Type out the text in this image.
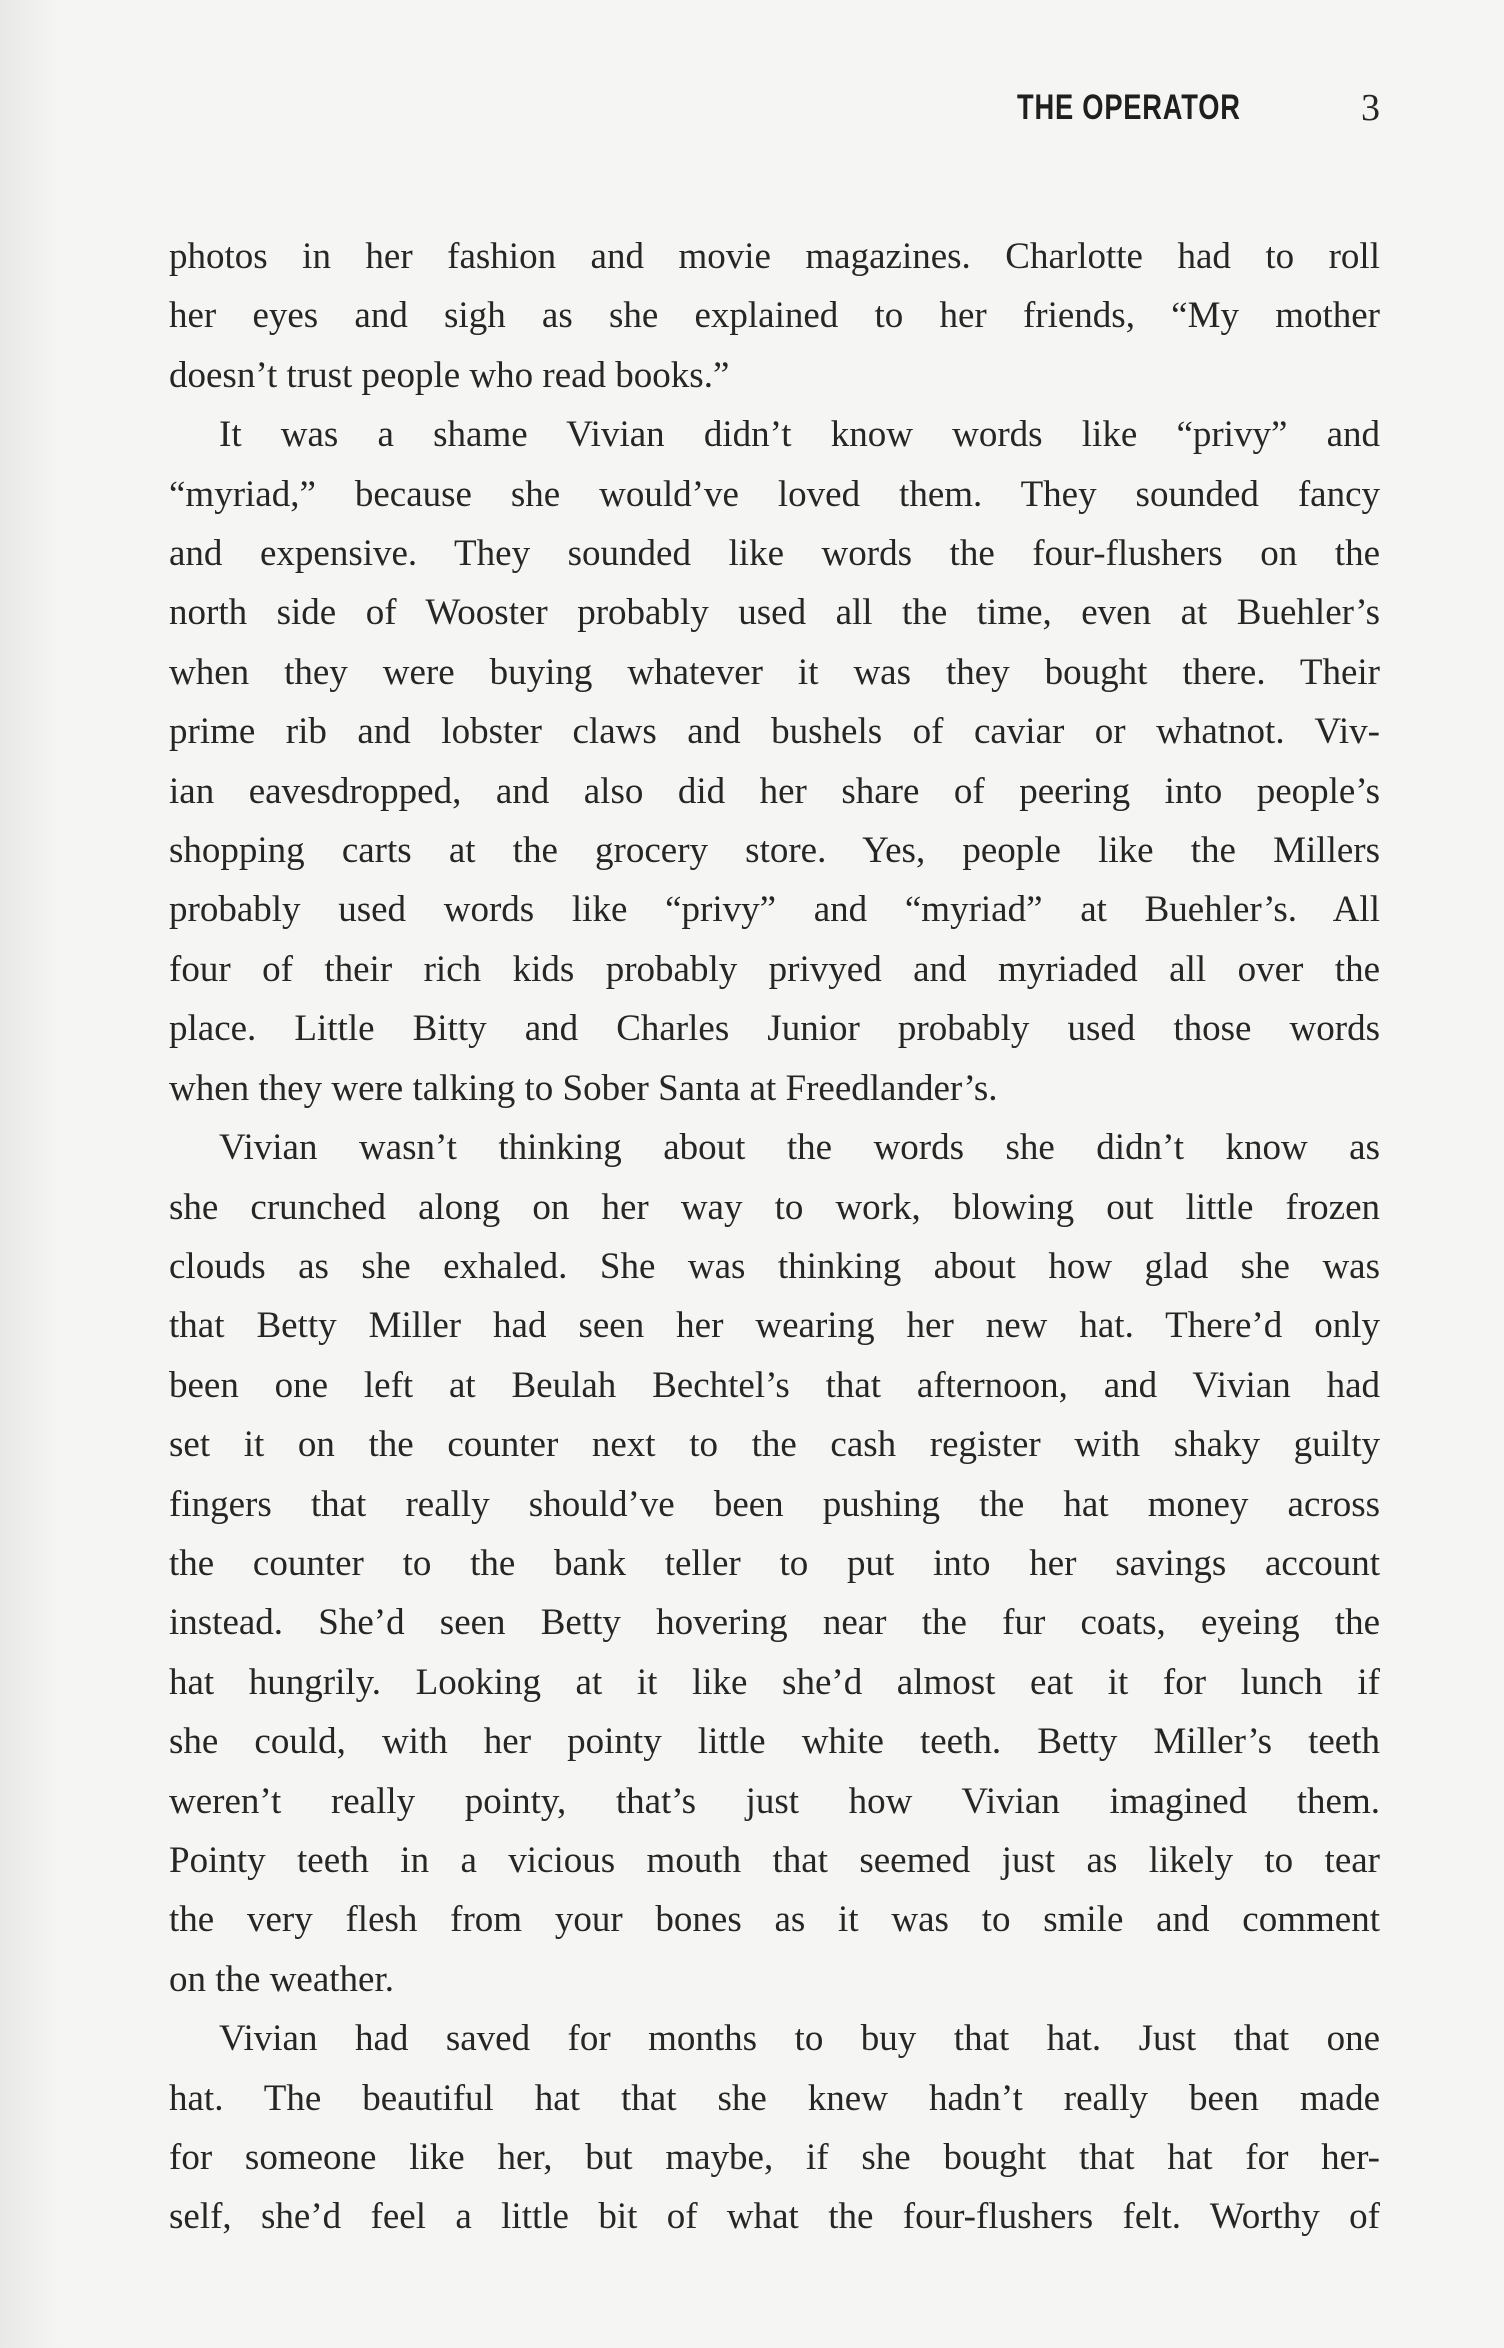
THE OPERATOR	3

photos in her fashion and movie magazines. Charlotte had to roll
her eyes and sigh as she explained to her friends, “My mother
doesn’t trust people who read books.”

It was a shame Vivian didn’t know words like “privy” and
“myriad,” because she would’ve loved them. They sounded fancy
and expensive. They sounded like words the four-flushers on the
north side of Wooster probably used all the time, even at Buehler’s
when they were buying whatever it was they bought there. Their
prime rib and lobster claws and bushels of caviar or whatnot. Viv-
ian eavesdropped, and also did her share of peering into people’s
shopping carts at the grocery store. Yes, people like the Millers
probably used words like “privy” and “myriad” at Buehler’s. All
four of their rich kids probably privyed and myriaded all over the
place. Little Bitty and Charles Junior probably used those words
when they were talking to Sober Santa at Freedlander’s.

Vivian wasn’t thinking about the words she didn’t know as
she crunched along on her way to work, blowing out little frozen
clouds as she exhaled. She was thinking about how glad she was
that Betty Miller had seen her wearing her new hat. There’d only
been one left at Beulah Bechtel’s that afternoon, and Vivian had
set it on the counter next to the cash register with shaky guilty
fingers that really should’ve been pushing the hat money across
the counter to the bank teller to put into her savings account
instead. She’d seen Betty hovering near the fur coats, eyeing the
hat hungrily. Looking at it like she’d almost eat it for lunch if
she could, with her pointy little white teeth. Betty Miller’s teeth
weren’t really pointy, that’s just how Vivian imagined them.
Pointy teeth in a vicious mouth that seemed just as likely to tear
the very flesh from your bones as it was to smile and comment
on the weather.

Vivian had saved for months to buy that hat. Just that one
hat. The beautiful hat that she knew hadn’t really been made
for someone like her, but maybe, if she bought that hat for her-
self, she’d feel a little bit of what the four-flushers felt. Worthy of
